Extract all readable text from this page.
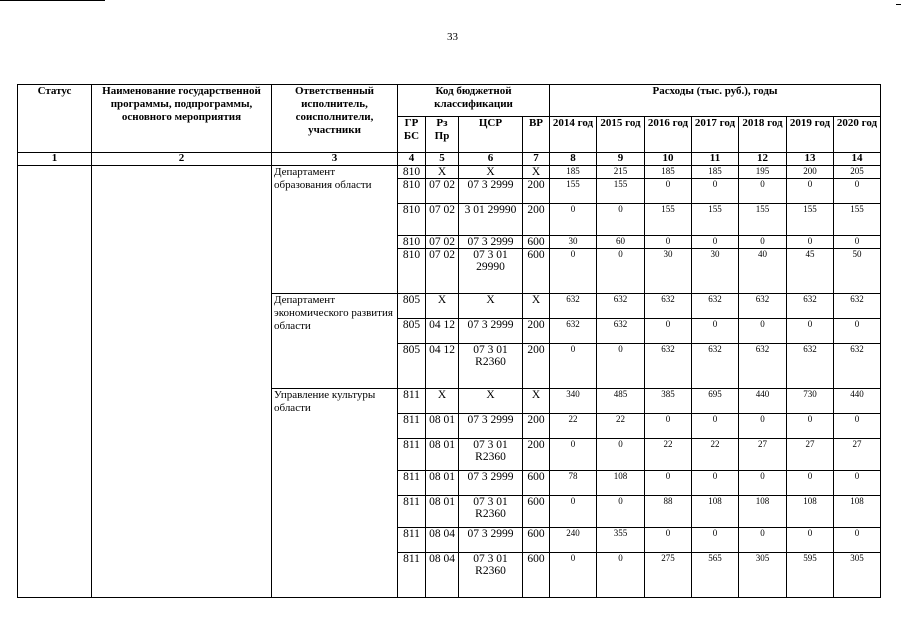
33
Статус	Наименование государственной программы, подпрограммы, основного мероприятия	Ответственный исполнитель, соисполнители, участники	Код бюджетной классификации				Расходы (тыс. руб.), годы						
			ГР БС	Рз Пр	ЦСР	ВР	2014 год	2015 год	2016 год	2017 год	2018 год	2019 год	2020 год
1	2	3	4	5	6	7	8	9	10	11	12	13	14
		Департамент образования области	810	X	X	X	185	215	185	185	195	200	205
			810	07 02	07 3 2999	200	155	155	0	0	0	0	0
			810	07 02	3 01 29990	200	0	0	155	155	155	155	155
			810	07 02	07 3 2999	600	30	60	0	0	0	0	0
			810	07 02	07 3 01 29990	600	0	0	30	30	40	45	50
		Департамент экономического развития области	805	X	X	X	632	632	632	632	632	632	632
			805	04 12	07 3 2999	200	632	632	0	0	0	0	0
			805	04 12	07 3 01 R2360	200	0	0	632	632	632	632	632
		Управление культуры области	811	X	X	X	340	485	385	695	440	730	440
			811	08 01	07 3 2999	200	22	22	0	0	0	0	0
			811	08 01	07 3 01 R2360	200	0	0	22	22	27	27	27
			811	08 01	07 3 2999	600	78	108	0	0	0	0	0
			811	08 01	07 3 01 R2360	600	0	0	88	108	108	108	108
			811	08 04	07 3 2999	600	240	355	0	0	0	0	0
			811	08 04	07 3 01 R2360	600	0	0	275	565	305	595	305
